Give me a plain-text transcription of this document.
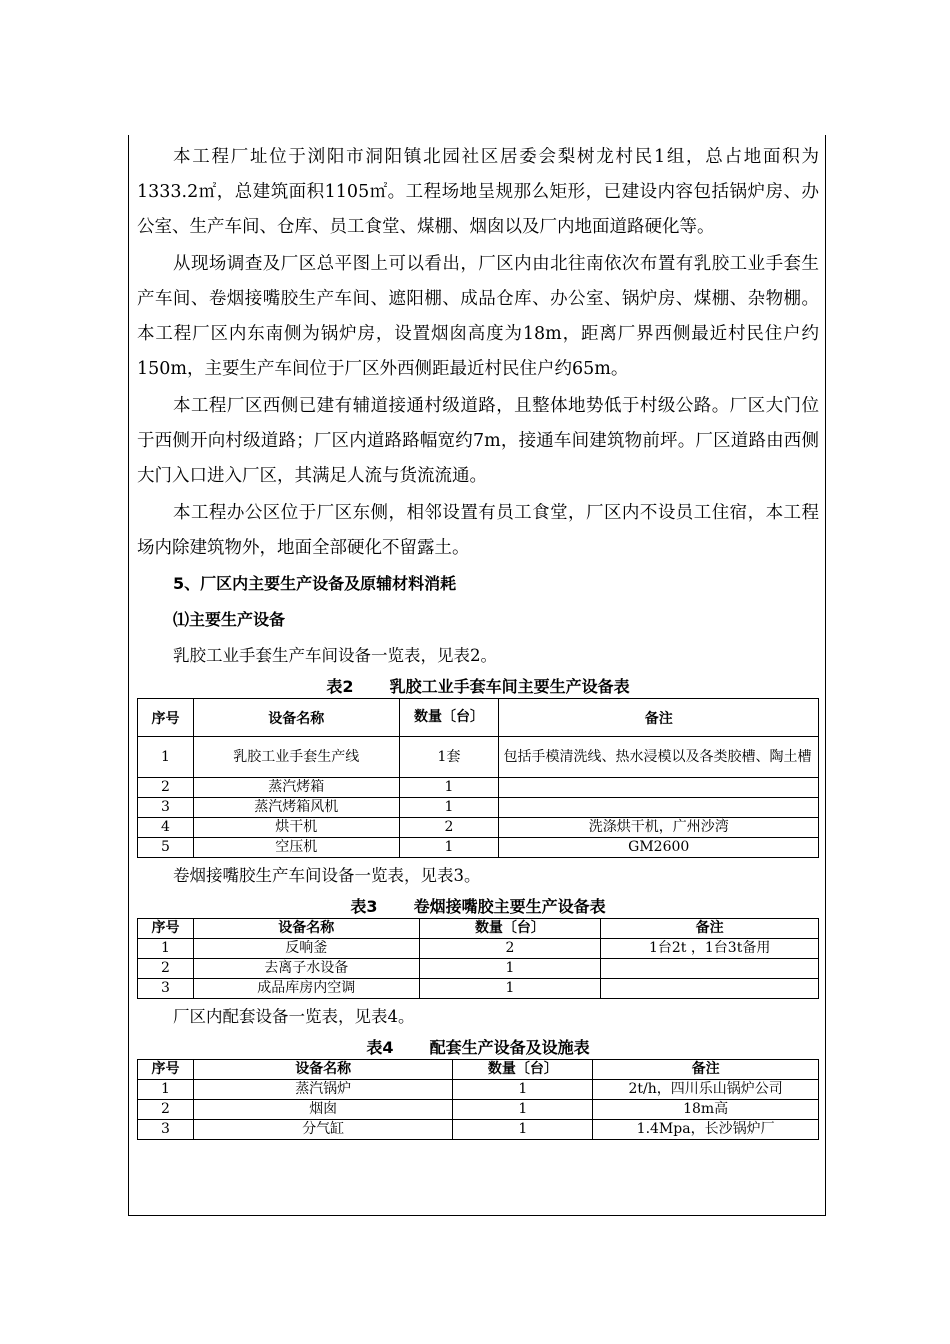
本工程厂址位于浏阳市洞阳镇北园社区居委会梨树龙村民1组，总占地面积为1333.2㎡，总建筑面积1105㎡。工程场地呈规那么矩形，已建设内容包括锅炉房、办公室、生产车间、仓库、员工食堂、煤棚、烟囱以及厂内地面道路硬化等。

从现场调查及厂区总平图上可以看出，厂区内由北往南依次布置有乳胶工业手套生产车间、卷烟接嘴胶生产车间、遮阳棚、成品仓库、办公室、锅炉房、煤棚、杂物棚。本工程厂区内东南侧为锅炉房，设置烟囱高度为18m，距离厂界西侧最近村民住户约150m，主要生产车间位于厂区外西侧距最近村民住户约65m。

本工程厂区西侧已建有辅道接通村级道路，且整体地势低于村级公路。厂区大门位于西侧开向村级道路；厂区内道路路幅宽约7m，接通车间建筑物前坪。厂区道路由西侧大门入口进入厂区，其满足人流与货流流通。

本工程办公区位于厂区东侧，相邻设置有员工食堂，厂区内不设员工住宿，本工程场内除建筑物外，地面全部硬化不留露土。

5、厂区内主要生产设备及原辅材料消耗
⑴主要生产设备
乳胶工业手套生产车间设备一览表，见表2。
表2 乳胶工业手套车间主要生产设备表
序号	设备名称	数量〔台〕	备注
1	乳胶工业手套生产线	1套	包括手模清洗线、热水浸模以及各类胶槽、陶土槽
2	蒸汽烤箱	1	
3	蒸汽烤箱风机	1	
4	烘干机	2	洗涤烘干机，广州沙湾
5	空压机	1	GM2600
卷烟接嘴胶生产车间设备一览表，见表3。
表3 卷烟接嘴胶主要生产设备表
序号	设备名称	数量〔台〕	备注
1	反响釜	2	1台2t ，1台3t备用
2	去离子水设备	1	
3	成品库房内空调	1	
厂区内配套设备一览表，见表4。
表4 配套生产设备及设施表
序号	设备名称	数量〔台〕	备注
1	蒸汽锅炉	1	2t/h，四川乐山锅炉公司
2	烟囱	1	18m高
3	分气缸	1	1.4Mpa，长沙锅炉厂
